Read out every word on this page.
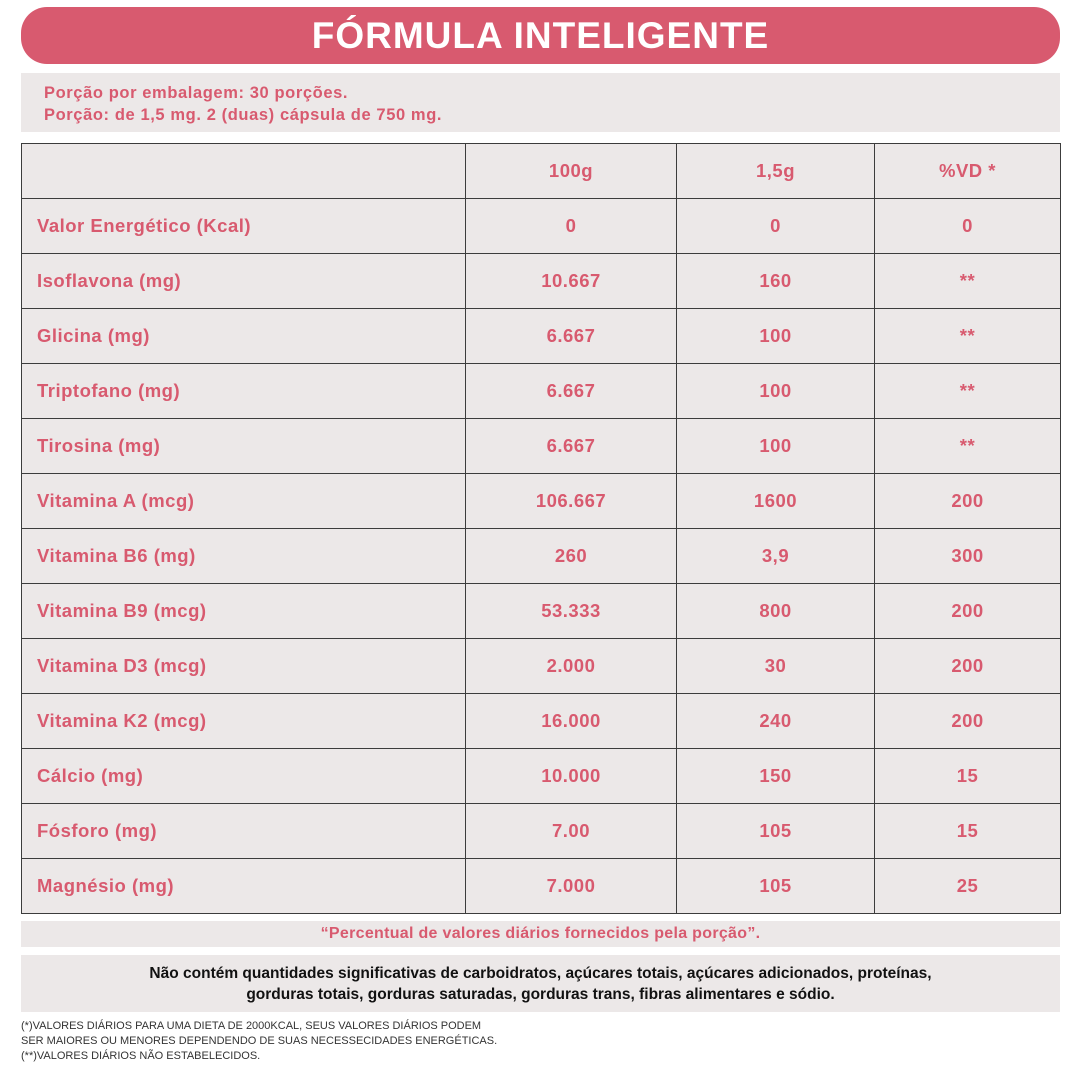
FÓRMULA INTELIGENTE
Porção por embalagem: 30 porções.
Porção: de 1,5 mg. 2 (duas) cápsula de 750 mg.
	100g	1,5g	%VD *
Valor Energético (Kcal)	0	0	0
Isoflavona (mg)	10.667	160	**
Glicina (mg)	6.667	100	**
Triptofano (mg)	6.667	100	**
Tirosina (mg)	6.667	100	**
Vitamina A (mcg)	106.667	1600	200
Vitamina B6 (mg)	260	3,9	300
Vitamina B9 (mcg)	53.333	800	200
Vitamina D3 (mcg)	2.000	30	200
Vitamina K2 (mcg)	16.000	240	200
Cálcio (mg)	10.000	150	15
Fósforo (mg)	7.00	105	15
Magnésio (mg)	7.000	105	25
“Percentual de valores diários fornecidos pela porção”.
Não contém quantidades significativas de carboidratos, açúcares totais, açúcares adicionados, proteínas,
gorduras totais, gorduras saturadas, gorduras trans, fibras alimentares e sódio.
(*)VALORES DIÁRIOS PARA UMA DIETA DE 2000KCAL, SEUS VALORES DIÁRIOS PODEM
SER MAIORES OU MENORES DEPENDENDO DE SUAS NECESSECIDADES ENERGÉTICAS.
(**)VALORES DIÁRIOS NÃO ESTABELECIDOS.
